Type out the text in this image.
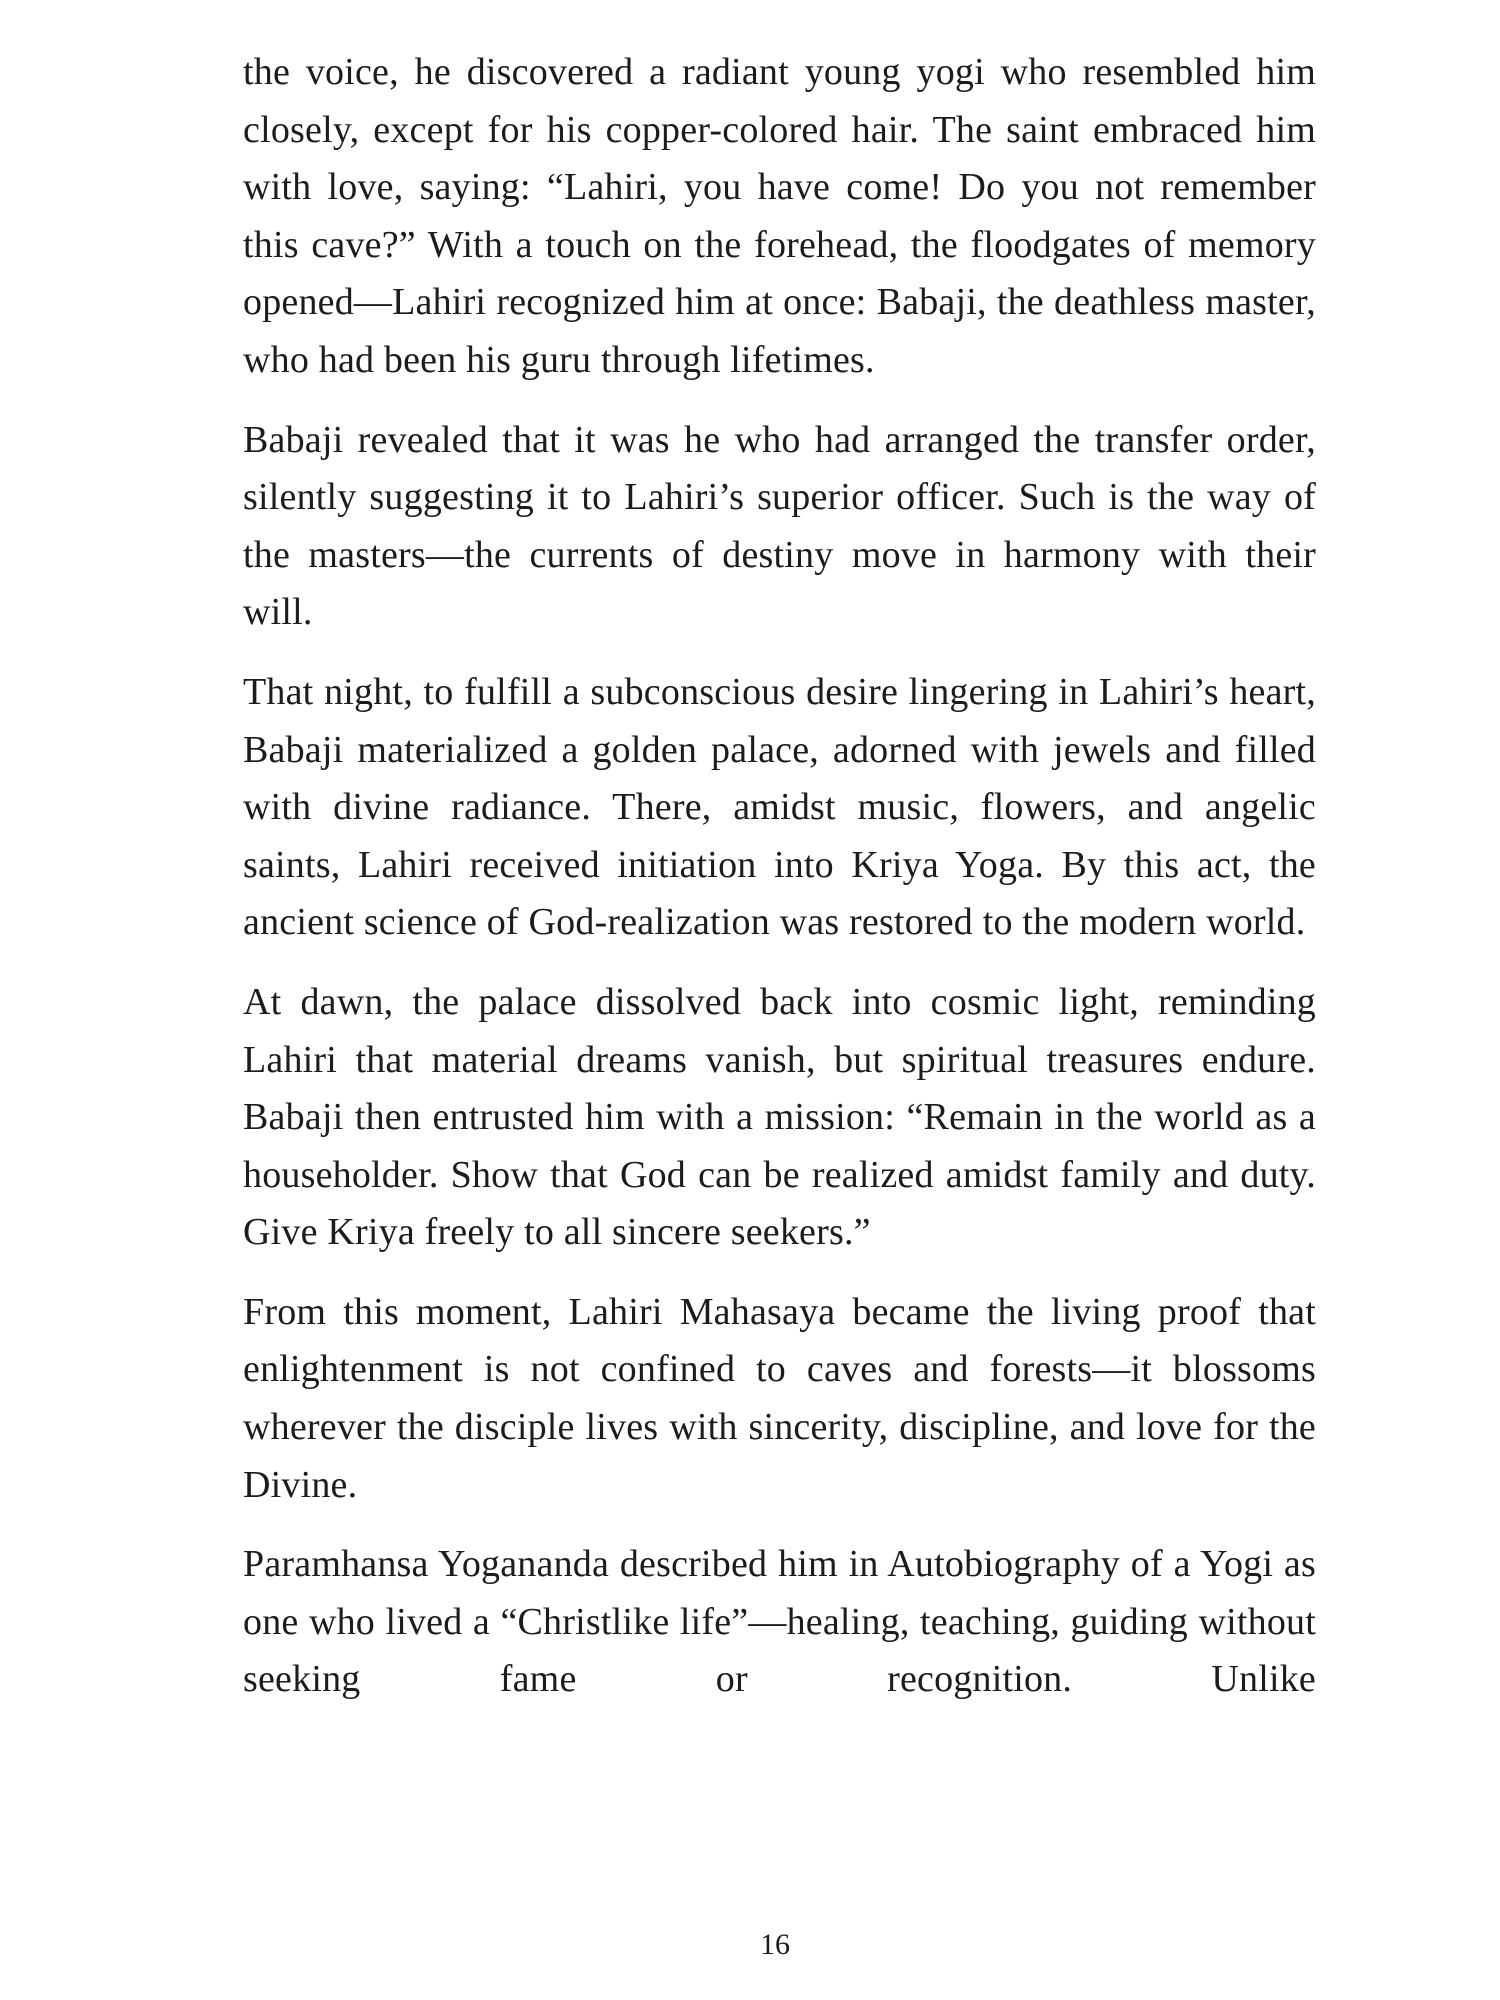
the voice, he discovered a radiant young yogi who resembled him closely, except for his copper-colored hair. The saint embraced him with love, saying: “Lahiri, you have come! Do you not remember this cave?” With a touch on the forehead, the floodgates of memory opened—Lahiri recognized him at once: Babaji, the deathless master, who had been his guru through lifetimes.

Babaji revealed that it was he who had arranged the transfer order, silently suggesting it to Lahiri’s superior officer. Such is the way of the masters—the currents of destiny move in harmony with their will.

That night, to fulfill a subconscious desire lingering in Lahiri’s heart, Babaji materialized a golden palace, adorned with jewels and filled with divine radiance. There, amidst music, flowers, and angelic saints, Lahiri received initiation into Kriya Yoga. By this act, the ancient science of God-realization was restored to the modern world.

At dawn, the palace dissolved back into cosmic light, reminding Lahiri that material dreams vanish, but spiritual treasures endure. Babaji then entrusted him with a mission: “Remain in the world as a householder. Show that God can be realized amidst family and duty. Give Kriya freely to all sincere seekers.”

From this moment, Lahiri Mahasaya became the living proof that enlightenment is not confined to caves and forests—it blossoms wherever the disciple lives with sincerity, discipline, and love for the Divine.

Paramhansa Yogananda described him in Autobiography of a Yogi as one who lived a “Christlike life”—healing, teaching, guiding without seeking fame or recognition. Unlike

16
